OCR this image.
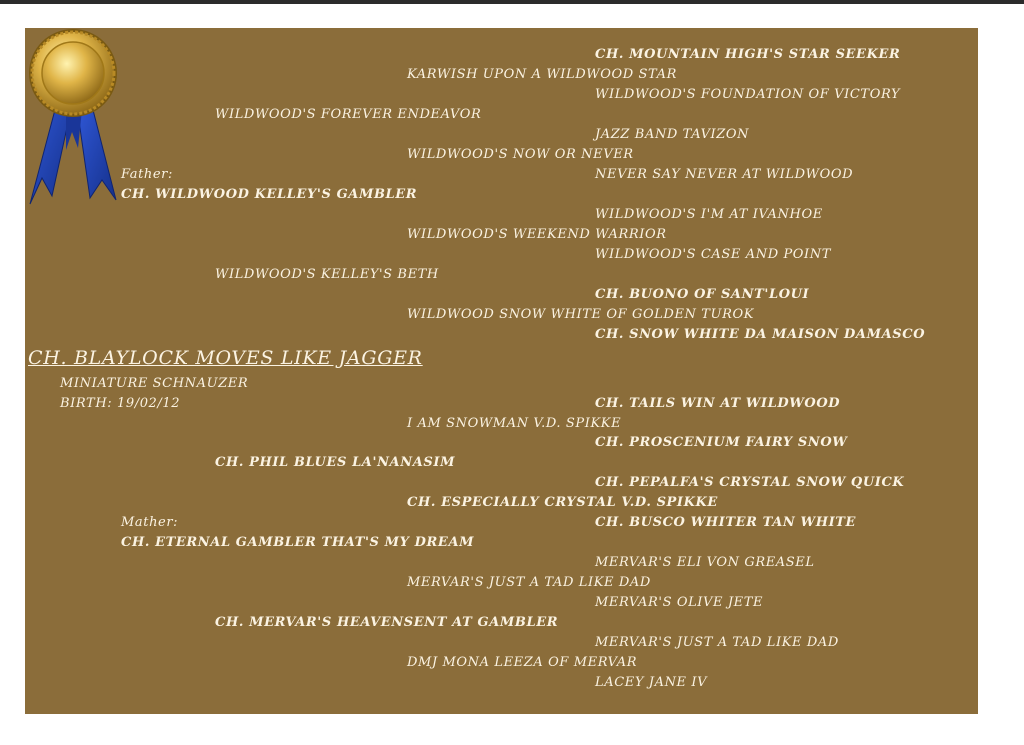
CH. MOUNTAIN HIGH'S STAR SEEKER
KARWISH UPON A WILDWOOD STAR
WILDWOOD'S FOUNDATION OF VICTORY
WILDWOOD'S FOREVER ENDEAVOR
JAZZ BAND TAVIZON
WILDWOOD'S NOW OR NEVER
Father:	NEVER SAY NEVER AT WILDWOOD
CH. WILDWOOD KELLEY'S GAMBLER
WILDWOOD'S I'M AT IVANHOE
WILDWOOD'S WEEKEND WARRIOR
WILDWOOD'S CASE AND POINT
WILDWOOD'S KELLEY'S BETH
CH. BUONO OF SANT'LOUI
WILDWOOD SNOW WHITE OF GOLDEN TUROK
CH. SNOW WHITE DA MAISON DAMASCO
CH. BLAYLOCK MOVES LIKE JAGGER
MINIATURE SCHNAUZER
BIRTH: 19/02/12	CH. TAILS WIN AT WILDWOOD
I AM SNOWMAN V.D. SPIKKE
CH. PROSCENIUM FAIRY SNOW
CH. PHIL BLUES LA'NANASIM
CH. PEPALFA'S CRYSTAL SNOW QUICK
CH. ESPECIALLY CRYSTAL V.D. SPIKKE
Mather:	CH. BUSCO WHITER TAN WHITE
CH. ETERNAL GAMBLER THAT'S MY DREAM
MERVAR'S ELI VON GREASEL
MERVAR'S JUST A TAD LIKE DAD
MERVAR'S OLIVE JETE
CH. MERVAR'S HEAVENSENT AT GAMBLER
MERVAR'S JUST A TAD LIKE DAD
DMJ MONA LEEZA OF MERVAR
LACEY JANE IV
